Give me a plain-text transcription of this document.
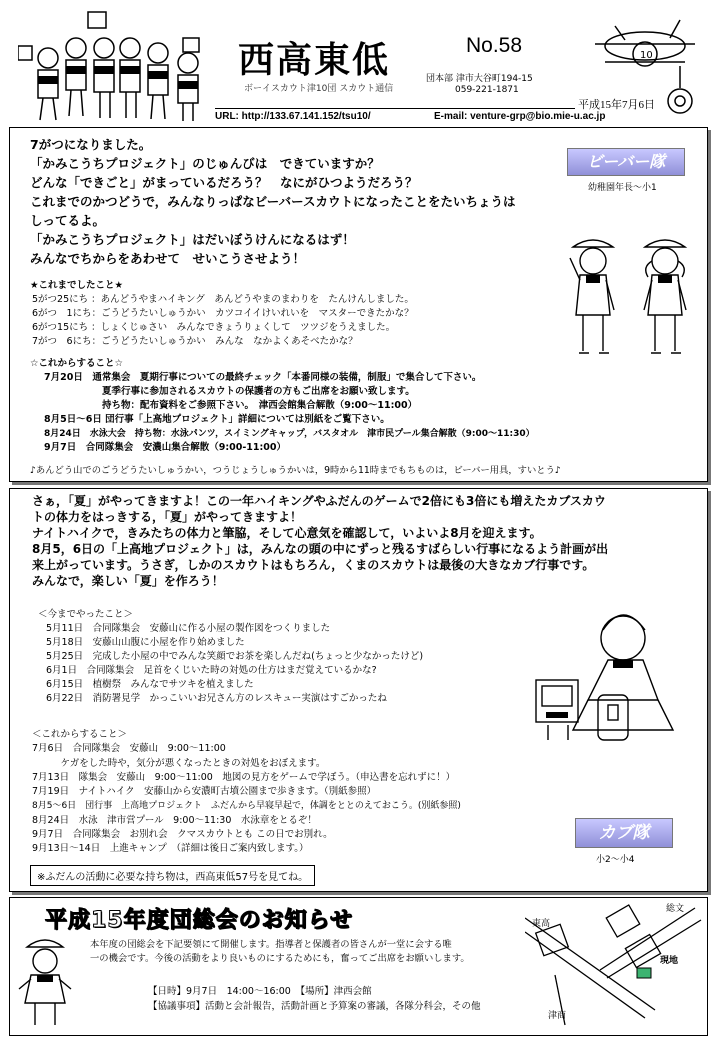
10
西高東低	No.58
団本部 津市大谷町194-15
ボーイスカウト津10団 スカウト通信	059-221-1871
平成15年7月6日
URL: http://133.67.141.152/tsu10/	E-mail: venture-grp@bio.mie-u.ac.jp
7がつになりました。
「かみこうちプロジェクト」のじゅんびは　できていますか？
どんな「できごと」がまっているだろう？　なにがひつようだろう？
これまでのかつどうで，みんなりっぱなビーバースカウトになったことをたいちょうは
しってるよ。
「かみこうちプロジェクト」はだいぼうけんになるはず！
みんなでちからをあわせて　せいこうさせよう！
ビーバー隊
幼稚園年長〜小1
★これまでしたこと★
5がつ25にち ：あんどうやまハイキング　あんどうやまのまわりを　たんけんしました。
6がつ　1にち：ごうどうたいしゅうかい　カツコイイけいれいを　マスターできたかな？
6がつ15にち ：しょくじゅさい　みんなできょうりょくして　ツツジをうえました。
7がつ　6にち：ごうどうたいしゅうかい　みんな　なかよくあそべたかな？
☆これからすること☆
7月20日　通常集会　夏期行事についての最終チェック「本番同様の装備，制服」で集合して下さい。
夏季行事に参加されるスカウトの保護者の方もご出席をお願い致します。
持ち物：配布資料をご参照下さい。　津西会館集合解散（9:00〜11:00）
8月5日〜6日 団行事「上高地プロジェクト」詳細については別紙をご覧下さい。
8月24日　水泳大会　持ち物：水泳パンツ，スイミングキャップ，バスタオル　津市民プール集合解散（9:00〜11:30）
9月7日　合同隊集会　安濃山集合解散（9:00-11:00）
♪あんどう山でのごうどうたいしゅうかい，つうじょうしゅうかいは，9時から11時までもちものは，ビーバー用具，すいとう♪
さぁ，「夏」がやってきますよ！この一年ハイキングやふだんのゲームで2倍にも3倍にも増えたカブスカウ
トの体力をはっきする，「夏」がやってきますよ！
ナイトハイクで，きみたちの体力と筆脇，そして心意気を確認して，いよいよ8月を迎えます。
8月5，6日の「上高地プロジェクト」は，みんなの頭の中にずっと残るすばらしい行事になるよう計画が出
来上がっています。うさぎ，しかのスカウトはもちろん，くまのスカウトは最後の大きなカブ行事です。
みんなで，楽しい「夏」を作ろう！
＜今までやったこと＞
5月11日　合同隊集会　安藤山に作る小屋の製作図をつくりました
5月18日　安藤山山腹に小屋を作り始めました
5月25日　完成した小屋の中でみんな笑顔でお茶を楽しんだね(ちょっと少なかったけど)
6月1日　合同隊集会　足首をくじいた時の対処の仕方はまだ覚えているかな?
6月15日　植樹祭　みんなでサツキを植えました
6月22日　消防署見学　かっこいいお兄さん方のレスキュー実演はすごかったね
＜これからすること＞
7月6日　合同隊集会　安藤山　9:00〜11:00
　　　ケガをした時や，気分が悪くなったときの対処をおぼえます。
7月13日　隊集会　安藤山　9:00〜11:00　地図の見方をゲームで学ぼう。（申込書を忘れずに！）
7月19日　ナイトハイク　安藤山から安濃町古墳公園まで歩きます。（別紙参照）
8月5〜6日　団行事　上高地プロジェクト　ふだんから早寝早起で，体調をととのえておこう。(別紙参照)
8月24日　水泳　津市営プール　9:00〜11:30　水泳章をとるぞ！
9月7日　合同隊集会　お別れ会　クマスカウトとも この日でお別れ。
9月13日〜14日　上進キャンプ　（詳細は後日ご案内致します。）
カブ隊
小2〜小4
※ふだんの活動に必要な持ち物は，西高東低57号を見てね。
平成15年度団総会のお知らせ
本年度の団総会を下記要領にて開催します。指導者と保護者の皆さんが一堂に会する唯
一の機会です。今後の活動をより良いものにするためにも，奮ってご出席をお願いします。
【日時】9月7日　14:00〜16:00　【場所】津西会館
【協議事項】活動と会計報告，活動計画と予算案の審議，各隊分科会，その他
東高
現地
総文
津商
